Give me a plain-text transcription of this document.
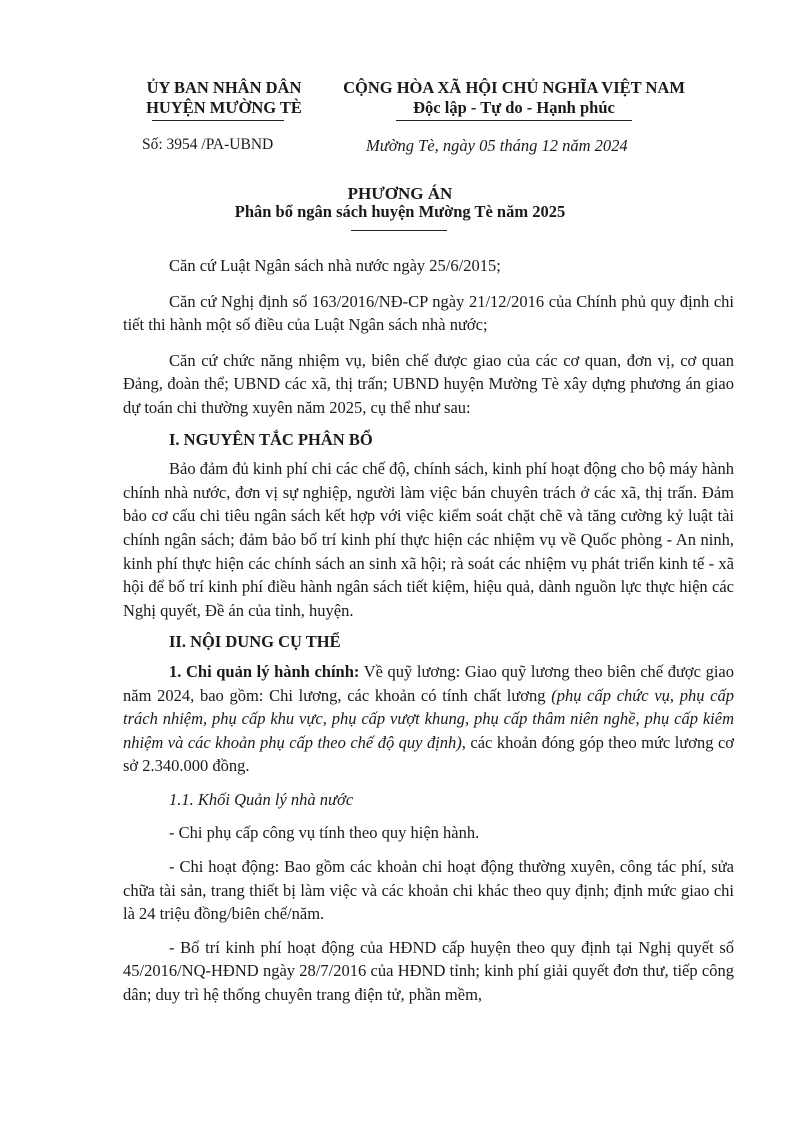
ỦY BAN NHÂN DÂN
HUYỆN MƯỜNG TÈ
CỘNG HÒA XÃ HỘI CHỦ NGHĨA VIỆT NAM
Độc lập - Tự do - Hạnh phúc
Số: 3954 /PA-UBND	Mường Tè, ngày 05 tháng 12 năm 2024
PHƯƠNG ÁN
Phân bổ ngân sách huyện Mường Tè năm 2025

Căn cứ Luật Ngân sách nhà nước ngày 25/6/2015;

Căn cứ Nghị định số 163/2016/NĐ-CP ngày 21/12/2016 của Chính phủ quy định chi tiết thi hành một số điều của Luật Ngân sách nhà nước;

Căn cứ chức năng nhiệm vụ, biên chế được giao của các cơ quan, đơn vị, cơ quan Đảng, đoàn thể; UBND các xã, thị trấn; UBND huyện Mường Tè xây dựng phương án giao dự toán chi thường xuyên năm 2025, cụ thể như sau:

I. NGUYÊN TẮC PHÂN BỔ

Bảo đảm đủ kinh phí chi các chế độ, chính sách, kinh phí hoạt động cho bộ máy hành chính nhà nước, đơn vị sự nghiệp, người làm việc bán chuyên trách ở các xã, thị trấn. Đảm bảo cơ cấu chi tiêu ngân sách kết hợp với việc kiểm soát chặt chẽ và tăng cường kỷ luật tài chính ngân sách; đảm bảo bố trí kinh phí thực hiện các nhiệm vụ về Quốc phòng - An ninh, kinh phí thực hiện các chính sách an sinh xã hội; rà soát các nhiệm vụ phát triển kinh tế - xã hội để bố trí kinh phí điều hành ngân sách tiết kiệm, hiệu quả, dành nguồn lực thực hiện các Nghị quyết, Đề án của tỉnh, huyện.

II. NỘI DUNG CỤ THỂ

1. Chi quản lý hành chính: Về quỹ lương: Giao quỹ lương theo biên chế được giao năm 2024, bao gồm: Chi lương, các khoản có tính chất lương (phụ cấp chức vụ, phụ cấp trách nhiệm, phụ cấp khu vực, phụ cấp vượt khung, phụ cấp thâm niên nghề, phụ cấp kiêm nhiệm và các khoản phụ cấp theo chế độ quy định), các khoản đóng góp theo mức lương cơ sở 2.340.000 đồng.

1.1. Khối Quản lý nhà nước

- Chi phụ cấp công vụ tính theo quy hiện hành.

- Chi hoạt động: Bao gồm các khoản chi hoạt động thường xuyên, công tác phí, sửa chữa tài sản, trang thiết bị làm việc và các khoản chi khác theo quy định; định mức giao chi là 24 triệu đồng/biên chế/năm.

- Bố trí kinh phí hoạt động của HĐND cấp huyện theo quy định tại Nghị quyết số 45/2016/NQ-HĐND ngày 28/7/2016 của HĐND tỉnh; kinh phí giải quyết đơn thư, tiếp công dân; duy trì hệ thống chuyên trang điện tử, phần mềm,
